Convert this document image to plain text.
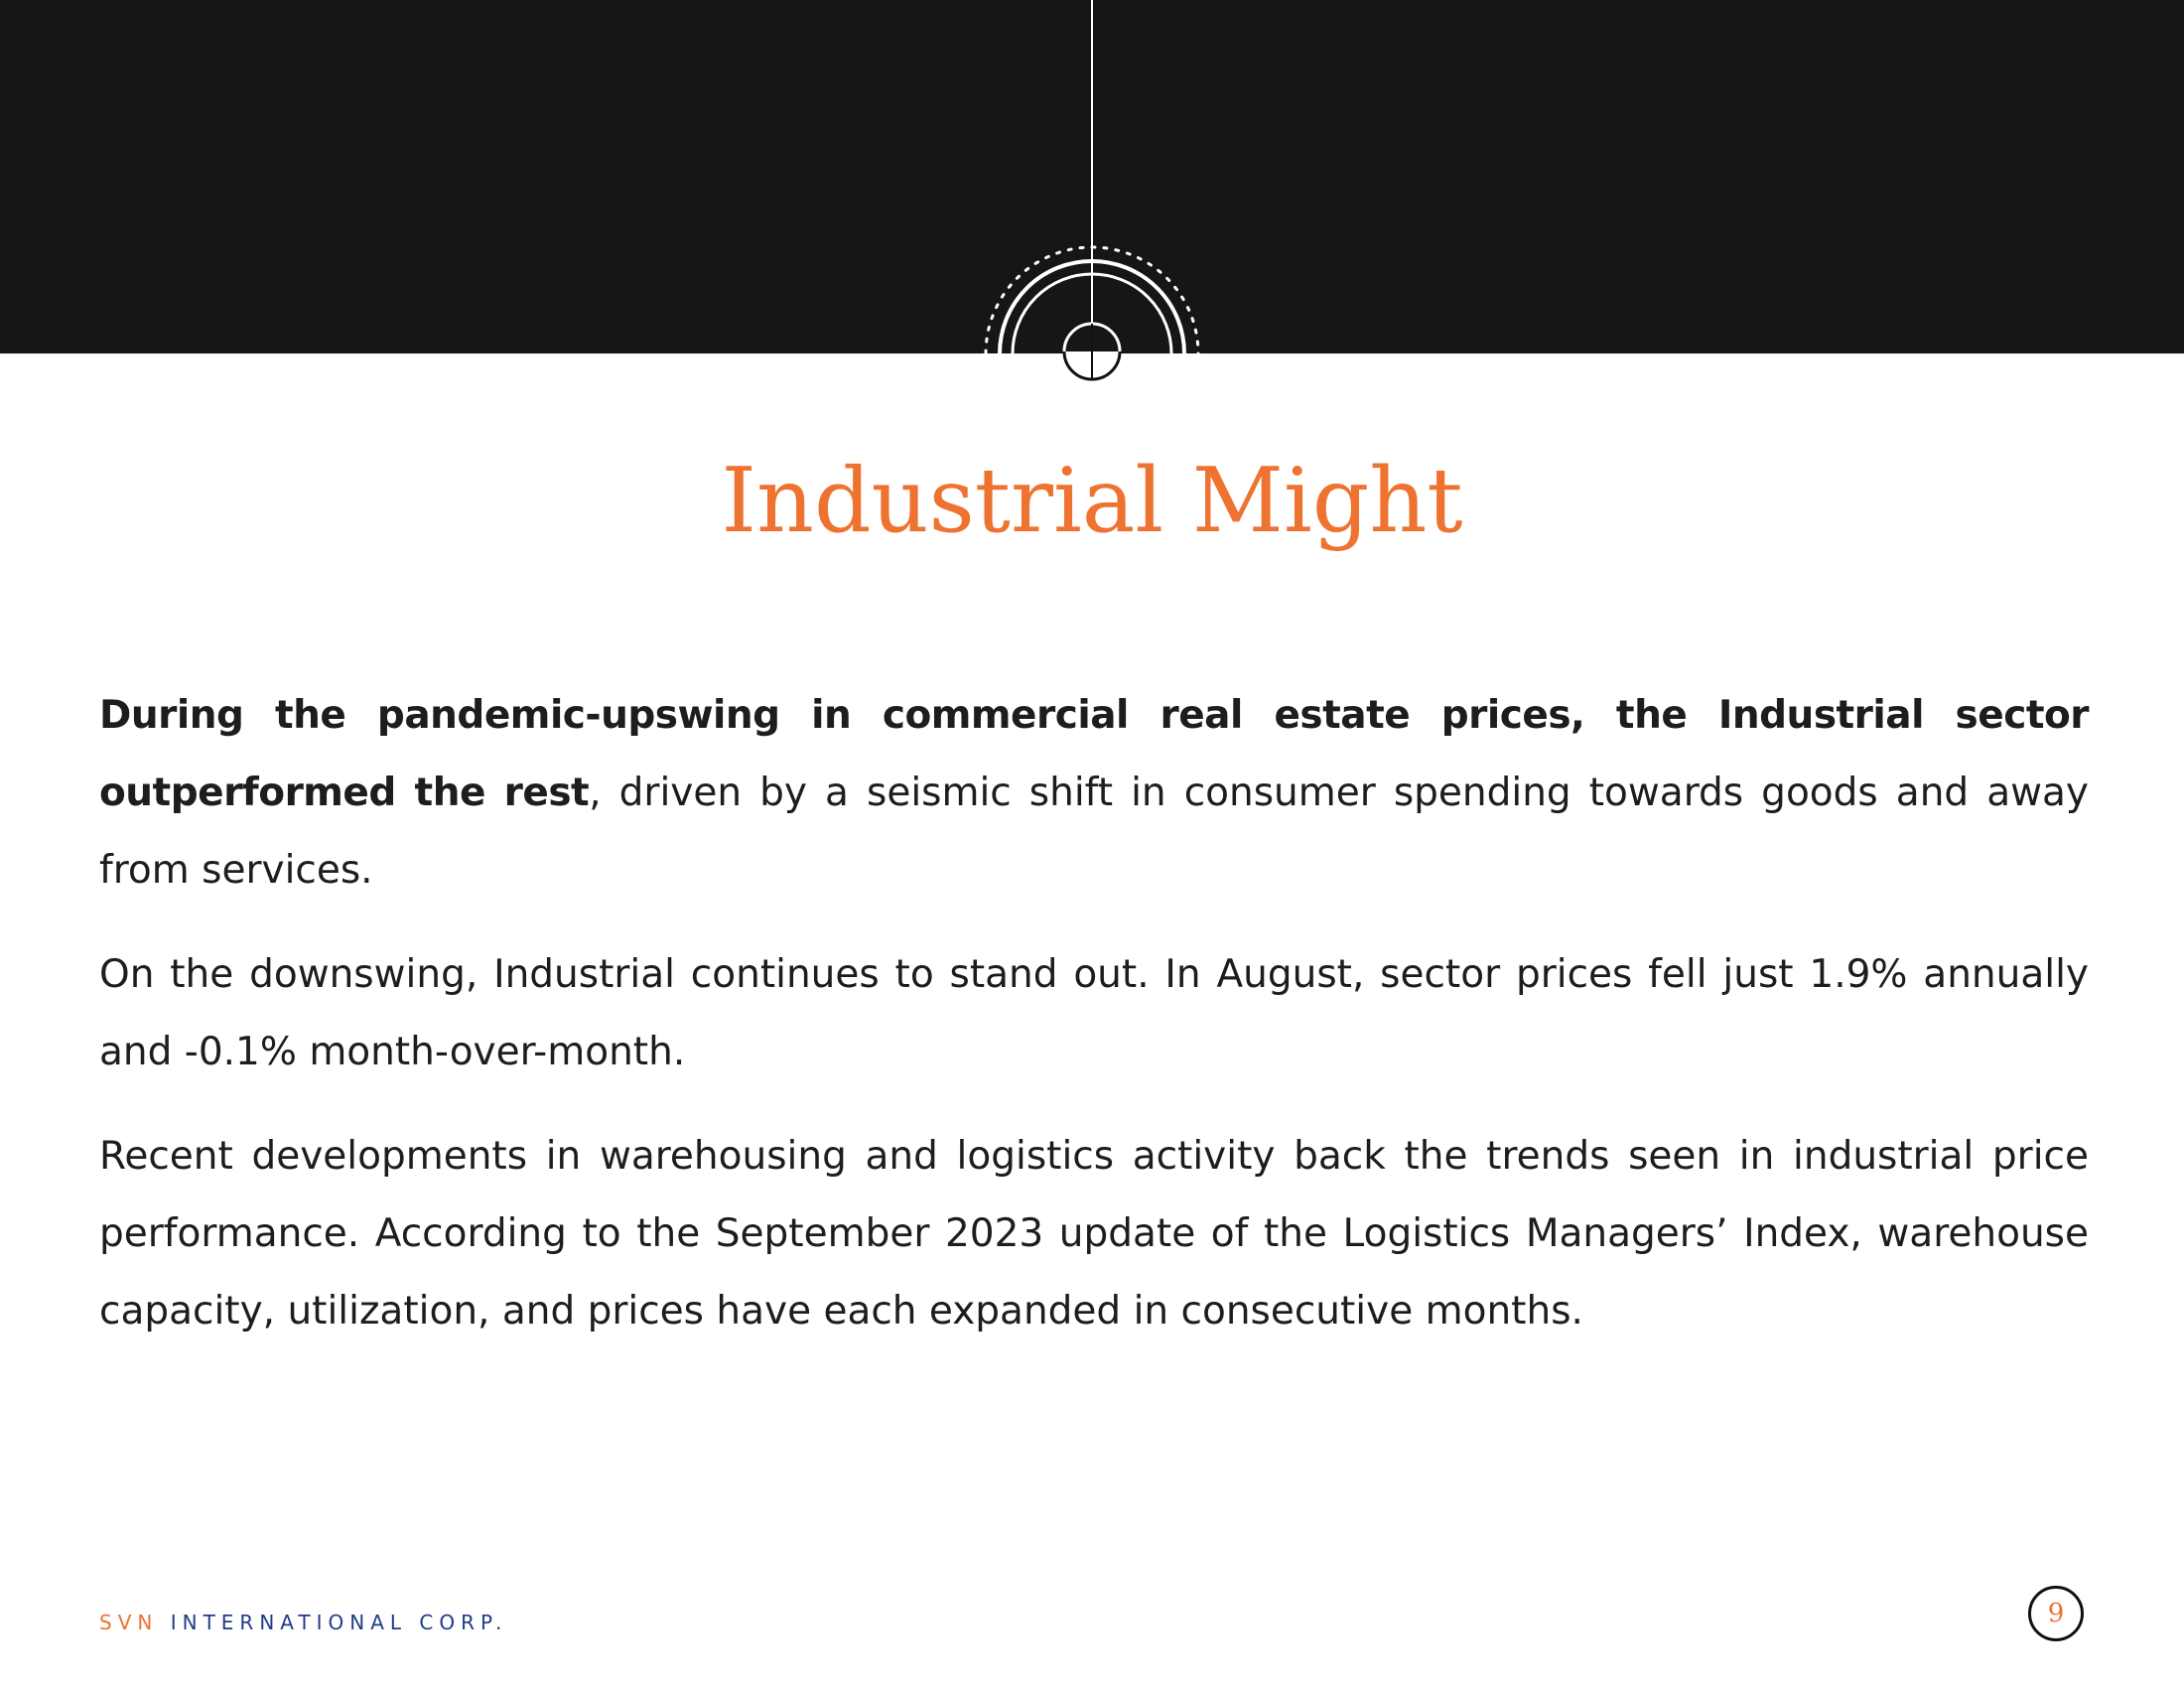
Industrial Might

During the pandemic-upswing in commercial real estate prices, the Industrial sector outperformed the rest, driven by a seismic shift in consumer spending towards goods and away from services.

On the downswing, Industrial continues to stand out. In August, sector prices fell just 1.9% annually and -0.1% month-over-month.

Recent developments in warehousing and logistics activity back the trends seen in industrial price performance. According to the September 2023 update of the Logistics Managers’ Index, warehouse capacity, utilization, and prices have each expanded in consecutive months.

SVN INTERNATIONAL CORP.	9
